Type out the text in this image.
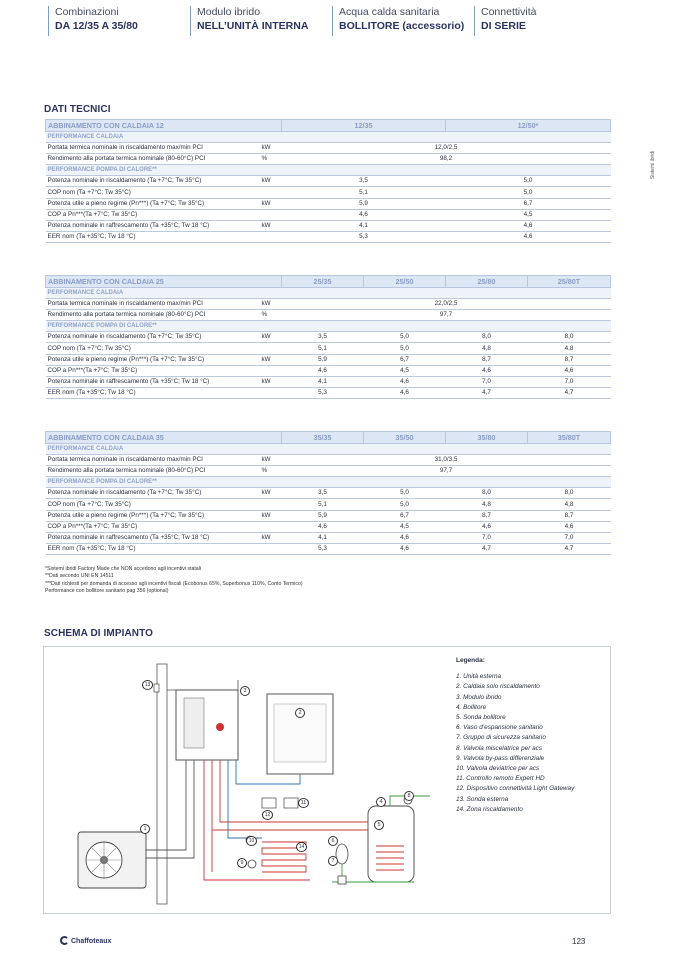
Combinazioni
DA 12/35 A 35/80
Modulo ibrido
NELL’UNITÀ INTERNA
Acqua calda sanitaria
BOLLITORE (accessorio)
Connettività
DI SERIE
Sistemi ibridi
DATI TECNICI
ABBINAMENTO CON CALDAIA 12		12/35	12/50*
PERFORMANCE CALDAIA			
Portata termica nominale in riscaldamento max/min PCI	kW	12,0/2,5	
Rendimento alla portata termica nominale (80-60°C) PCI	%	98,2	
PERFORMANCE POMPA DI CALORE**			
Potenza nominale in riscaldamento (Ta +7°C; Tw 35°C)	kW	3,5	5,0
COP nom (Ta +7°C; Tw 35°C)		5,1	5,0
Potenza utile a pieno regime (Pn***) (Ta +7°C; Tw 35°C)	kW	5,9	6,7
COP a Pn***(Ta +7°C; Tw 35°C)		4,6	4,5
Potenza nominale in raffrescamento (Ta +35°C; Tw 18 °C)	kW	4,1	4,6
EER nom (Ta +35°C; Tw 18 °C)		5,3	4,6
ABBINAMENTO CON CALDAIA 25		25/35	25/50	25/80	25/80T
PERFORMANCE CALDAIA					
Portata termica nominale in riscaldamento max/min PCI	kW	22,0/2,5			
Rendimento alla portata termica nominale (80-60°C) PCI	%	97,7			
PERFORMANCE POMPA DI CALORE**					
Potenza nominale in riscaldamento (Ta +7°C; Tw 35°C)	kW	3,5	5,0	8,0	8,0
COP nom (Ta +7°C; Tw 35°C)		5,1	5,0	4,8	4,8
Potenza utile a pieno regime (Pn***) (Ta +7°C; Tw 35°C)	kW	5,9	6,7	8,7	8,7
COP a Pn***(Ta +7°C; Tw 35°C)		4,6	4,5	4,6	4,6
Potenza nominale in raffrescamento (Ta +35°C; Tw 18 °C)	kW	4,1	4,6	7,0	7,0
EER nom (Ta +35°C; Tw 18 °C)		5,3	4,6	4,7	4,7
ABBINAMENTO CON CALDAIA 35		35/35	35/50	35/80	35/80T
PERFORMANCE CALDAIA					
Portata termica nominale in riscaldamento max/min PCI	kW	31,0/3,5			
Rendimento alla portata termica nominale (80-60°C) PCI	%	97,7			
PERFORMANCE POMPA DI CALORE**					
Potenza nominale in riscaldamento (Ta +7°C; Tw 35°C)	kW	3,5	5,0	8,0	8,0
COP nom (Ta +7°C; Tw 35°C)		5,1	5,0	4,8	4,8
Potenza utile a pieno regime (Pn***) (Ta +7°C; Tw 35°C)	kW	5,9	6,7	8,7	8,7
COP a Pn***(Ta +7°C; Tw 35°C)		4,6	4,5	4,6	4,6
Potenza nominale in raffrescamento (Ta +35°C; Tw 18 °C)	kW	4,1	4,6	7,0	7,0
EER nom (Ta +35°C; Tw 18 °C)		5,3	4,6	4,7	4,7
*Sistemi ibridi Factory Made che NON accedono agli incentivi statali
**Dati secondo UNI EN 14511
***Dati richiesti per domanda di accesso agli incentivi fiscali (Ecobonus 65%, Superbonus 110%, Conto Termico)
Performance con bollitore sanitario pag 356 (optional)
SCHEMA DI IMPIANTO
1
2
3
4
5
6
7
8
9
10
11
12
13
14
Legenda:
1. Unità esterna
2. Caldaia solo riscaldamento
3. Modulo ibrido
4. Bollitore
5. Sonda bollitore
6. Vaso d’espansione sanitario
7. Gruppo di sicurezza sanitario
8. Valvola miscelatrice per acs
9. Valvola by-pass differenziale
10. Valvola deviatrice per acs
11. Controllo remoto Expert HD
12. Dispositivo connettività Light Gateway
13. Sonda esterna
14. Zona riscaldamento
Chaffoteaux	123
